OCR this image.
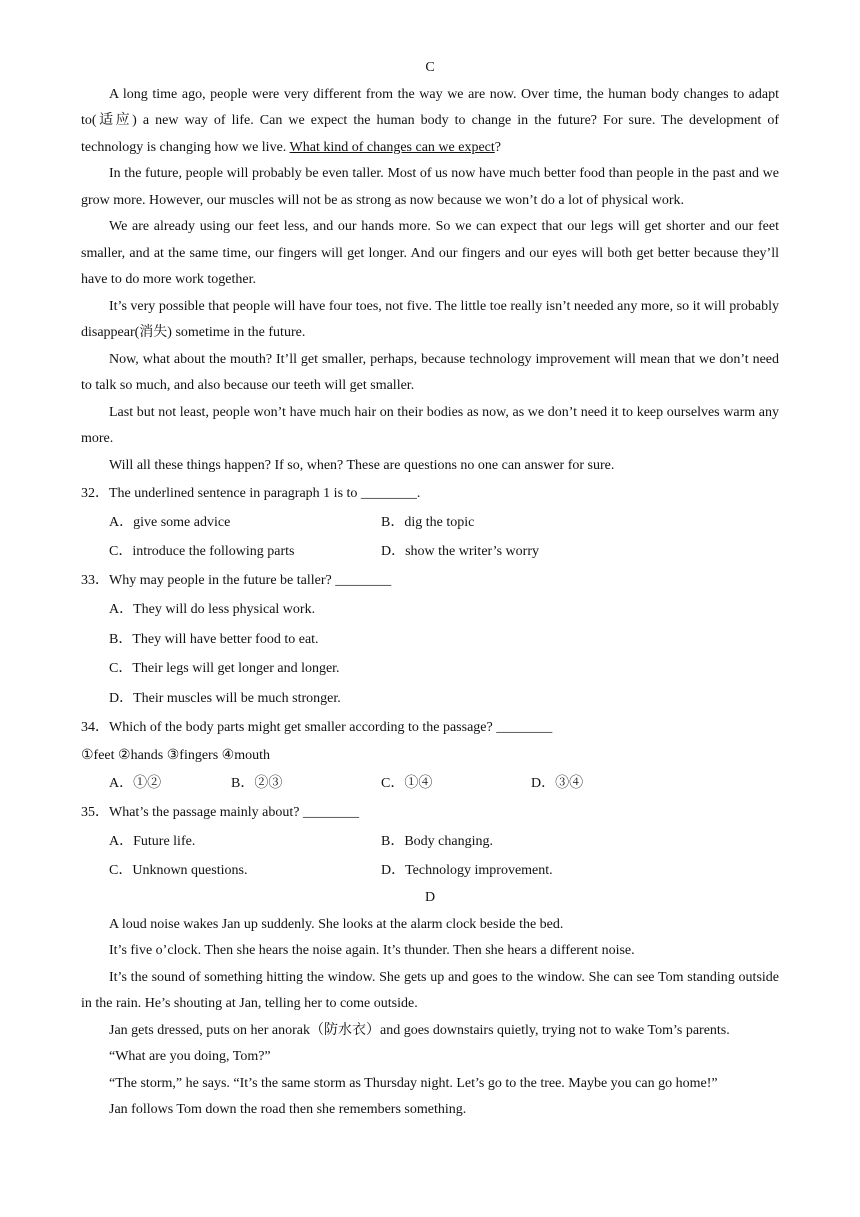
C

A long time ago, people were very different from the way we are now. Over time, the human body changes to adapt to(适应) a new way of life. Can we expect the human body to change in the future? For sure. The development of technology is changing how we live. What kind of changes can we expect?

In the future, people will probably be even taller. Most of us now have much better food than people in the past and we grow more. However, our muscles will not be as strong as now because we won’t do a lot of physical work.

We are already using our feet less, and our hands more. So we can expect that our legs will get shorter and our feet smaller, and at the same time, our fingers will get longer. And our fingers and our eyes will both get better because they’ll have to do more work together.

It’s very possible that people will have four toes, not five. The little toe really isn’t needed any more, so it will probably disappear(消失) sometime in the future.

Now, what about the mouth? It’ll get smaller, perhaps, because technology improvement will mean that we don’t need to talk so much, and also because our teeth will get smaller.

Last but not least, people won’t have much hair on their bodies as now, as we don’t need it to keep ourselves warm any more.

Will all these things happen? If so, when? These are questions no one can answer for sure.

32．The underlined sentence in paragraph 1 is to ________.

A．give some advice	B．dig the topic
C．introduce the following parts	D．show the writer’s worry

33．Why may people in the future be taller? ________

A．They will do less physical work.
B．They will have better food to eat.
C．Their legs will get longer and longer.
D．Their muscles will be much stronger.

34．Which of the body parts might get smaller according to the passage? ________

①feet ②hands ③fingers ④mouth

A．①②	B．②③	C．①④	D．③④

35．What’s the passage mainly about? ________

A．Future life.	B．Body changing.
C．Unknown questions.	D．Technology improvement.

D

A loud noise wakes Jan up suddenly. She looks at the alarm clock beside the bed.

It’s five o’clock. Then she hears the noise again. It’s thunder. Then she hears a different noise.

It’s the sound of something hitting the window. She gets up and goes to the window. She can see Tom standing outside in the rain. He’s shouting at Jan, telling her to come outside.

Jan gets dressed, puts on her anorak（防水衣）and goes downstairs quietly, trying not to wake Tom’s parents.

“What are you doing, Tom?”

“The storm,” he says. “It’s the same storm as Thursday night. Let’s go to the tree. Maybe you can go home!”

Jan follows Tom down the road then she remembers something.
